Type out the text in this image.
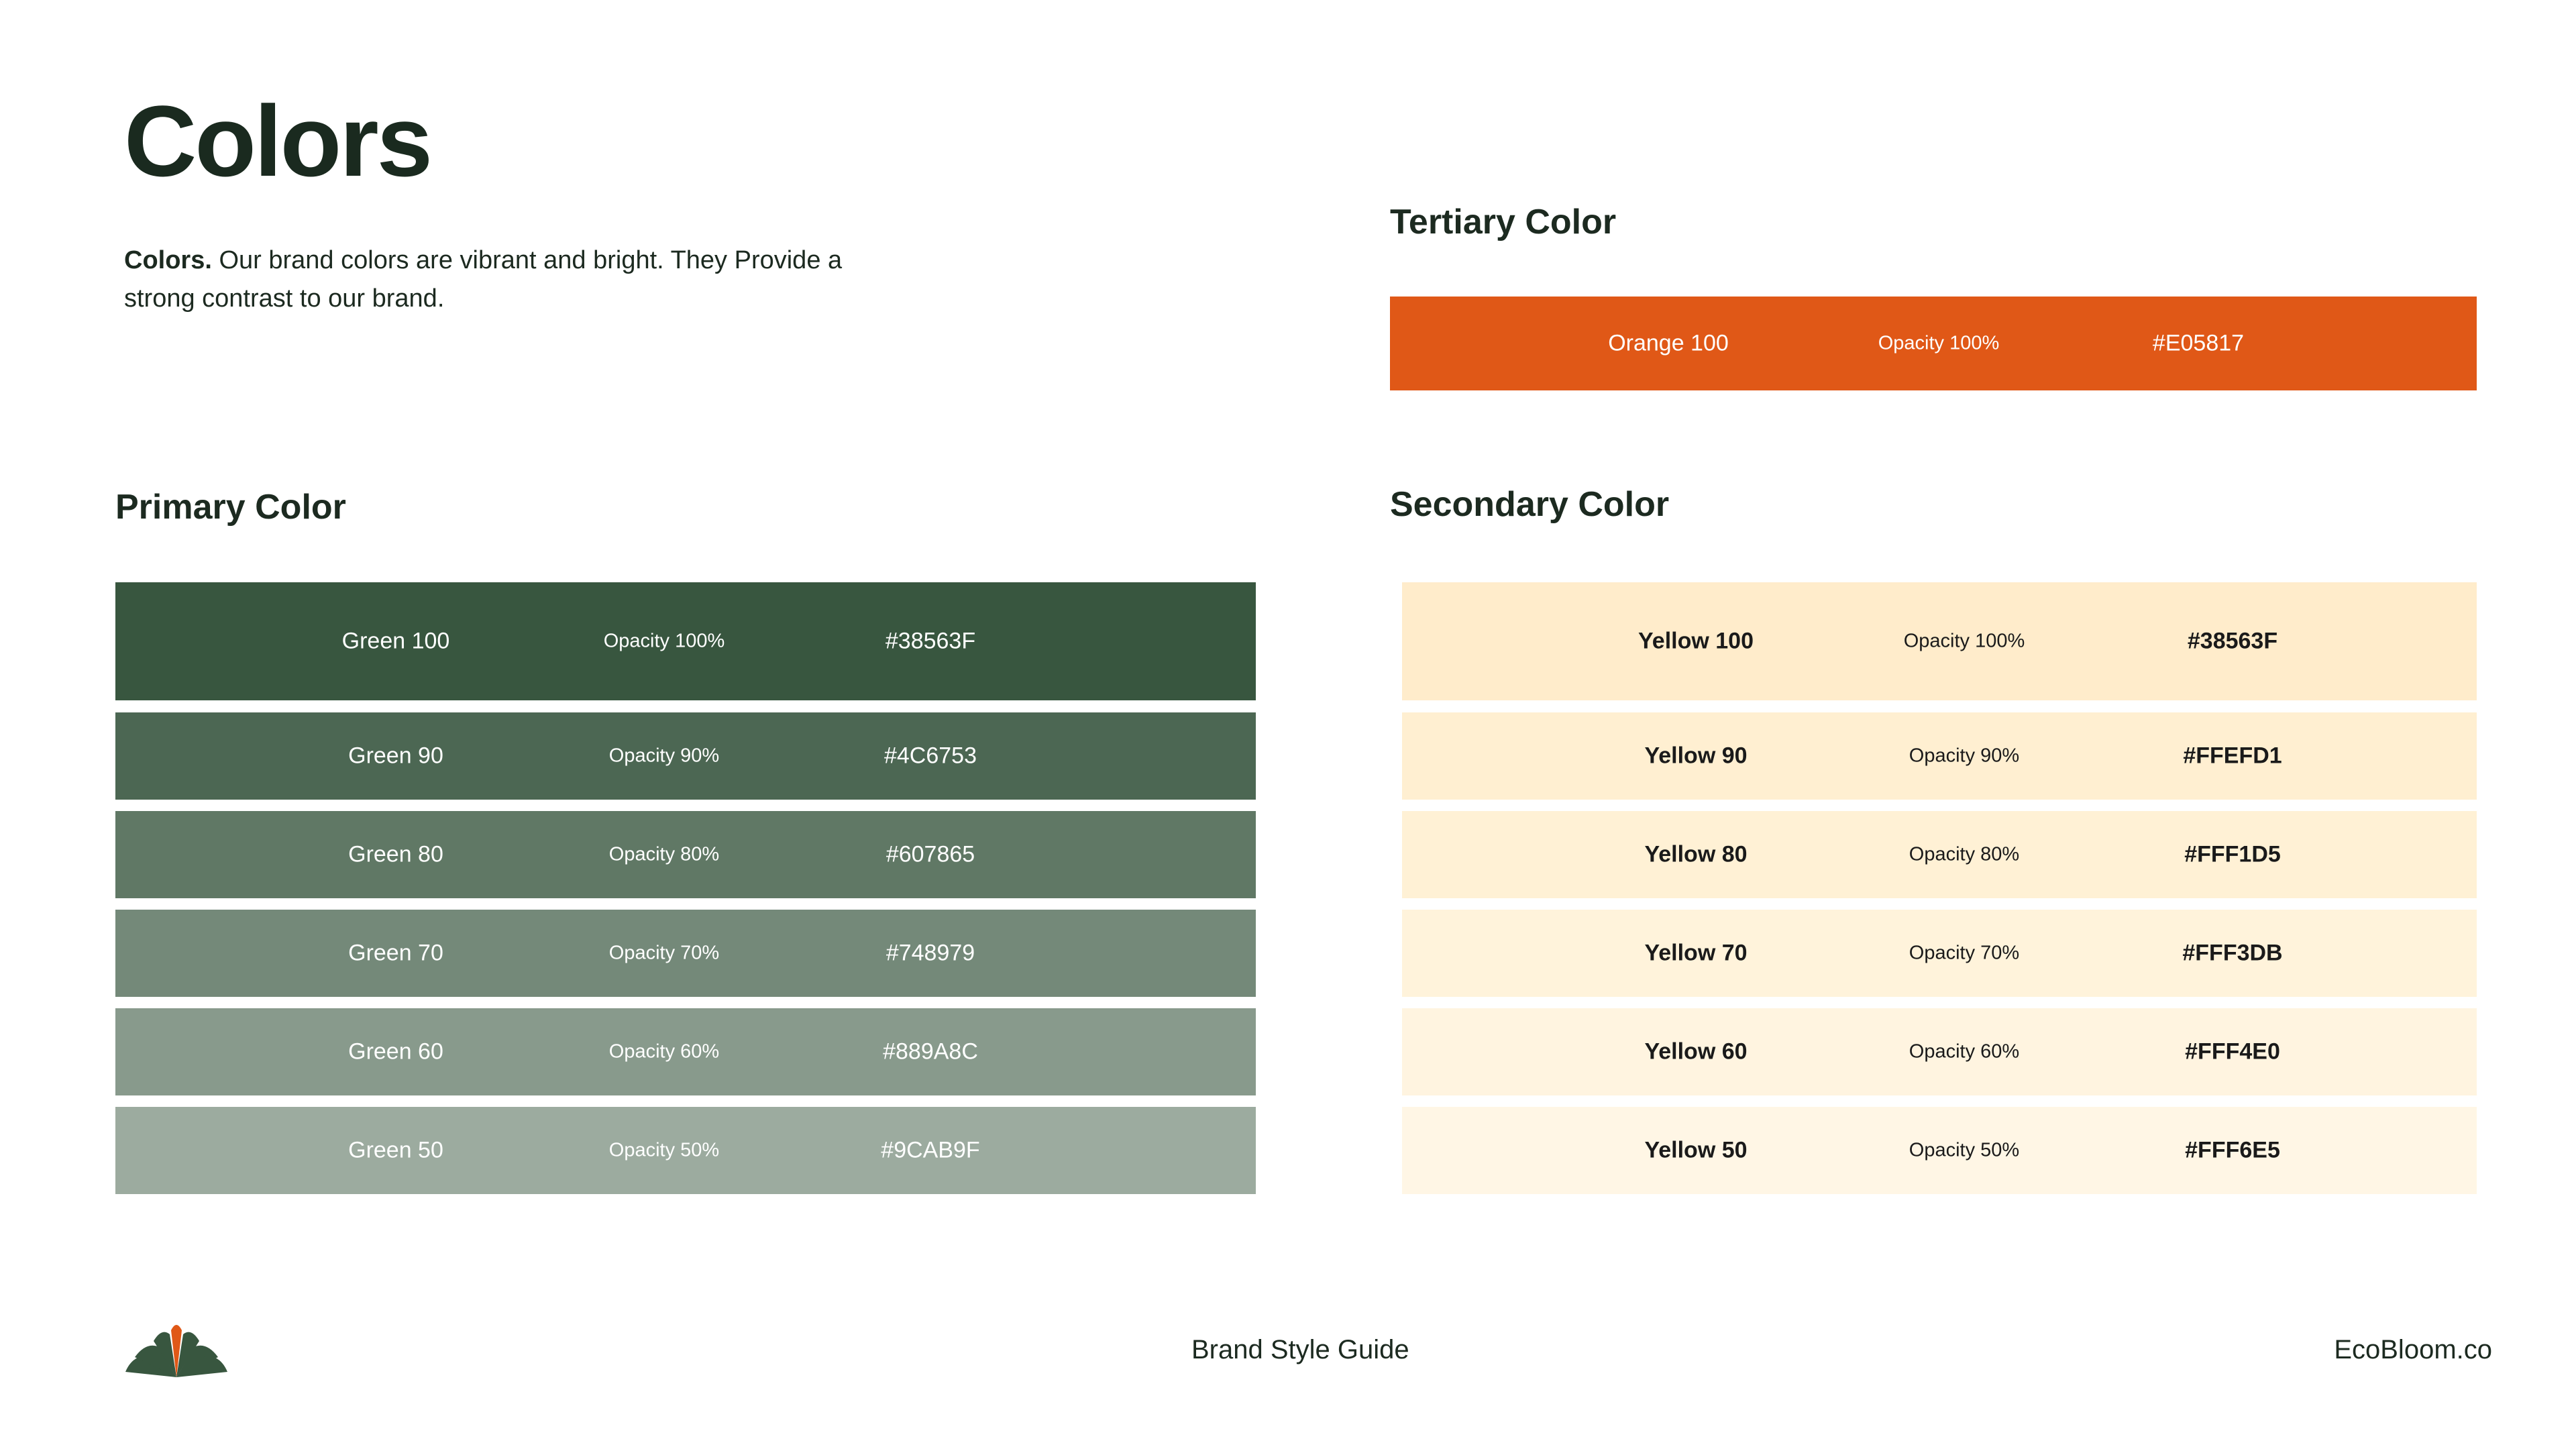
Colors
Colors. Our brand colors are vibrant and bright. They Provide a strong contrast to our brand.
Tertiary Color
Orange 100	Opacity 100%	#E05817
Primary Color
Green 100	Opacity 100%	#38563F
Green 90	Opacity 90%	#4C6753
Green 80	Opacity 80%	#607865
Green 70	Opacity 70%	#748979
Green 60	Opacity 60%	#889A8C
Green 50	Opacity 50%	#9CAB9F
Secondary Color
Yellow 100	Opacity 100%	#38563F
Yellow 90	Opacity 90%	#FFEFD1
Yellow 80	Opacity 80%	#FFF1D5
Yellow 70	Opacity 70%	#FFF3DB
Yellow 60	Opacity 60%	#FFF4E0
Yellow 50	Opacity 50%	#FFF6E5
Brand Style Guide	EcoBloom.co
